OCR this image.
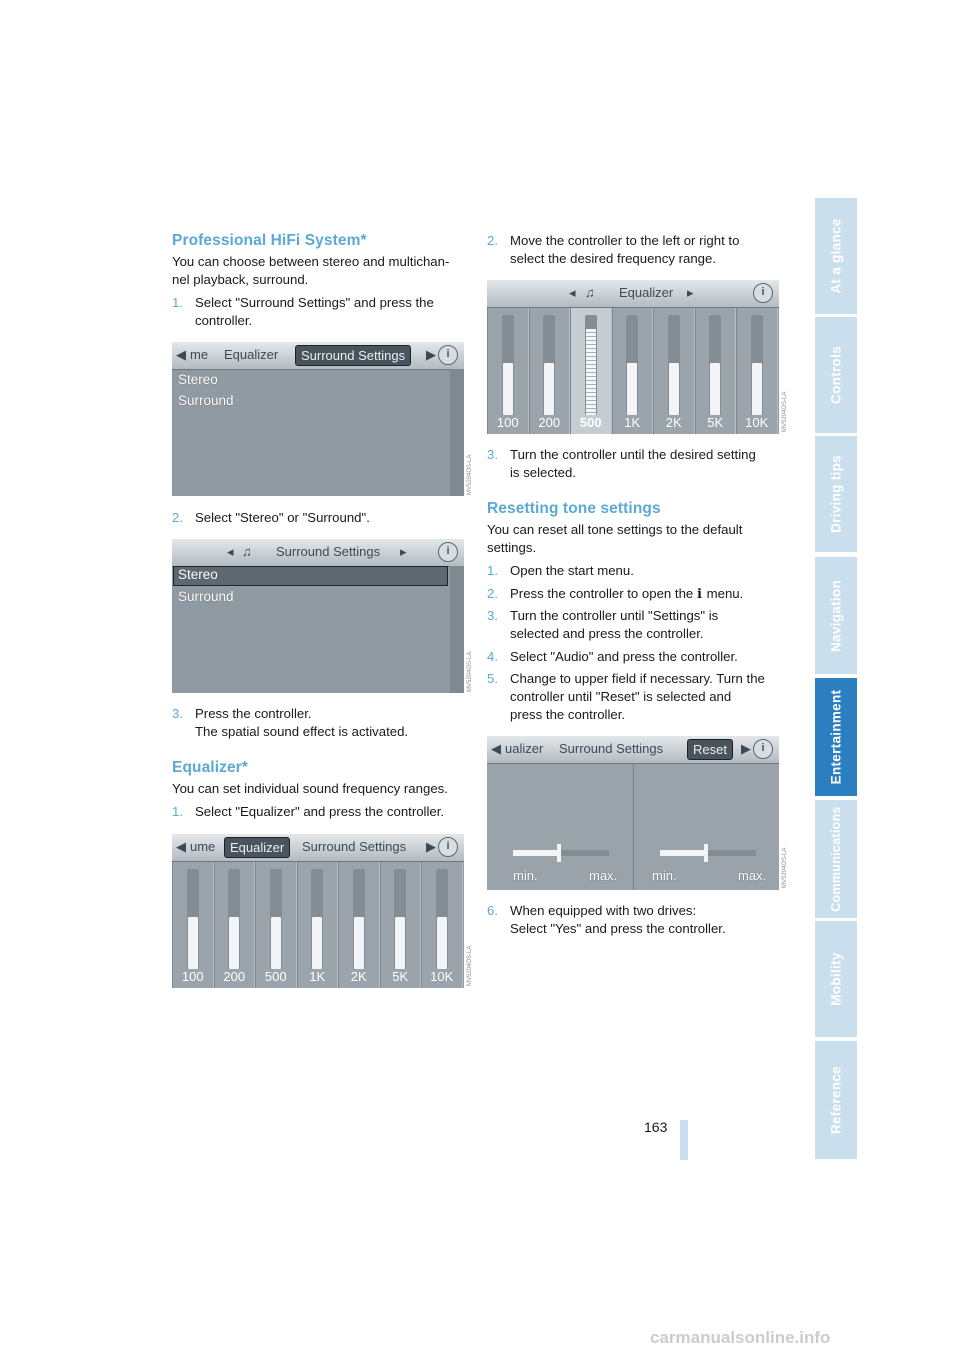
At a glance
Controls
Driving tips
Navigation
Entertainment
Communications
Mobility
Reference
163
Professional HiFi System*

You can choose between stereo and multichan-

nel playback, surround.

1. Select "Surround Settings" and press the
controller.
◀ me Equalizer	Surround Settings	▶ i
Stereo
Surround
MV5204OS-LA
2. Select "Stereo" or "Surround".
◂ ♫ Surround Settings ▸	i
Stereo
Surround
MV5204OS-LA
3. Press the controller.
The spatial sound effect is activated.
Equalizer*

You can set individual sound frequency ranges.

1. Select "Equalizer" and press the controller.
◀ ume	Equalizer	Surround Settings ▶ i
100	200	500	1K	2K	5K	10K	MV5204OS-LA
2. Move the controller to the left or right to
select the desired frequency range.
◂ ♫ Equalizer ▸	i
100	200	500	1K	2K	5K	10K	MV5204OS-LA
3. Turn the controller until the desired setting
is selected.
Resetting tone settings

You can reset all tone settings to the default

settings.

1. Open the start menu.
2. Press the controller to open the i menu.
3. Turn the controller until "Settings" is
selected and press the controller.
4. Select "Audio" and press the controller.
5. Change to upper field if necessary. Turn the
controller until "Reset" is selected and
press the controller.
◀ ualizer Surround Settings	Reset	▶ i
min.	max.	min.	max.	MV5204OS-LA
6. When equipped with two drives:
Select "Yes" and press the controller.
carmanualsonline.info
